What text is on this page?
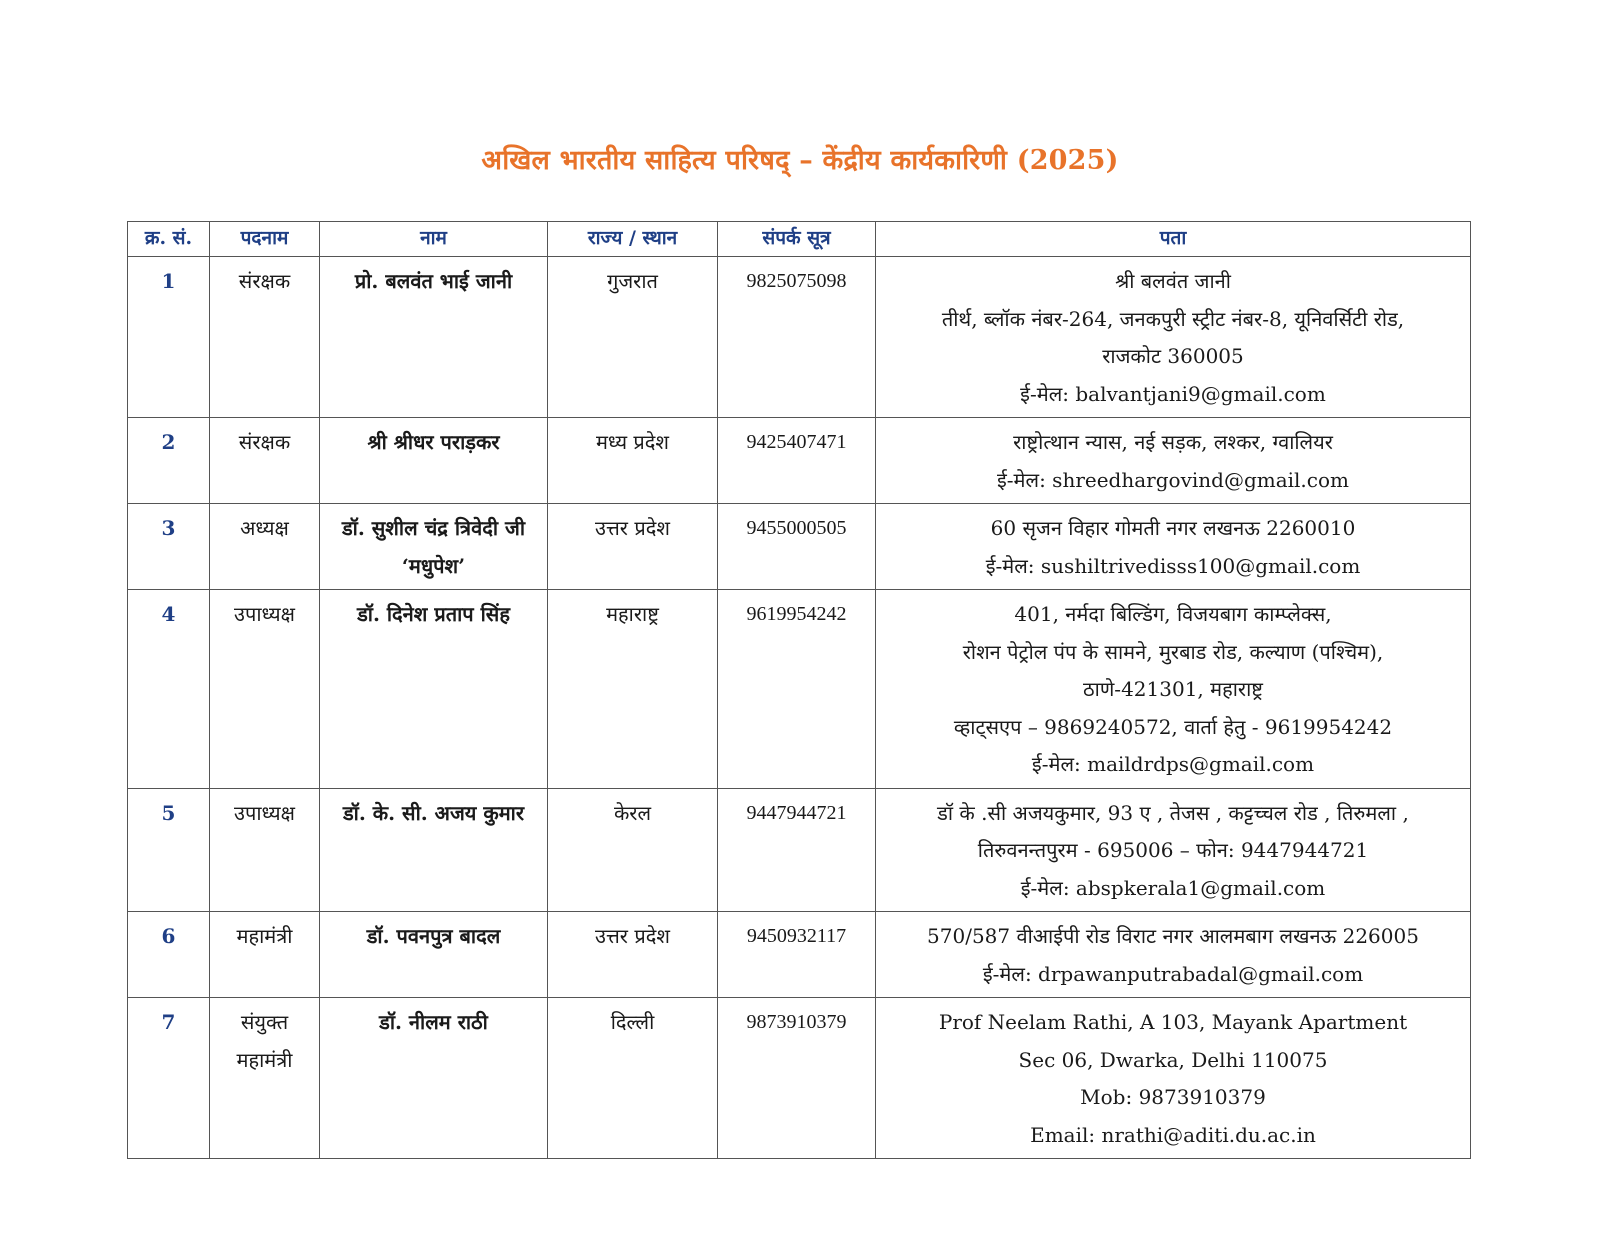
अखिल भारतीय साहित्य परिषद् – केंद्रीय कार्यकारिणी (2025)
क्र. सं.	पदनाम	नाम	राज्य / स्थान	संपर्क सूत्र	पता
1	संरक्षक	प्रो. बलवंत भाई जानी	गुजरात	9825075098	श्री बलवंत जानी
तीर्थ, ब्लॉक नंबर-264, जनकपुरी स्ट्रीट नंबर-8, यूनिवर्सिटी रोड,
राजकोट 360005
ई-मेल: balvantjani9@gmail.com

2	संरक्षक	श्री श्रीधर पराड़कर	मध्य प्रदेश	9425407471	राष्ट्रोत्थान न्यास, नई सड़क, लश्कर, ग्वालियर
ई-मेल: shreedhargovind@gmail.com

3	अध्यक्ष	डॉ. सुशील चंद्र त्रिवेदी जी ‘मधुपेश’	उत्तर प्रदेश	9455000505	60 सृजन विहार गोमती नगर लखनऊ 2260010
ई-मेल: sushiltrivedisss100@gmail.com

4	उपाध्यक्ष	डॉ. दिनेश प्रताप सिंह	महाराष्ट्र	9619954242	401, नर्मदा बिल्डिंग, विजयबाग काम्प्लेक्स,
रोशन पेट्रोल पंप के सामने, मुरबाड रोड, कल्याण (पश्चिम),
ठाणे-421301, महाराष्ट्र
व्हाट्सएप – 9869240572, वार्ता हेतु - 9619954242
ई-मेल: maildrdps@gmail.com

5	उपाध्यक्ष	डॉ. के. सी. अजय कुमार	केरल	9447944721	डॉ के .सी अजयकुमार, 93 ए , तेजस , कट्टच्चल रोड , तिरुमला ,
तिरुवनन्तपुरम - 695006 – फोन: 9447944721
ई-मेल: abspkerala1@gmail.com

6	महामंत्री	डॉ. पवनपुत्र बादल	उत्तर प्रदेश	9450932117	570/587 वीआईपी रोड विराट नगर आलमबाग लखनऊ 226005
ई-मेल: drpawanputrabadal@gmail.com

7	संयुक्त महामंत्री	डॉ. नीलम राठी	दिल्ली	9873910379	Prof Neelam Rathi, A 103, Mayank Apartment
Sec 06, Dwarka, Delhi 110075
Mob: 9873910379
Email: nrathi@aditi.du.ac.in
